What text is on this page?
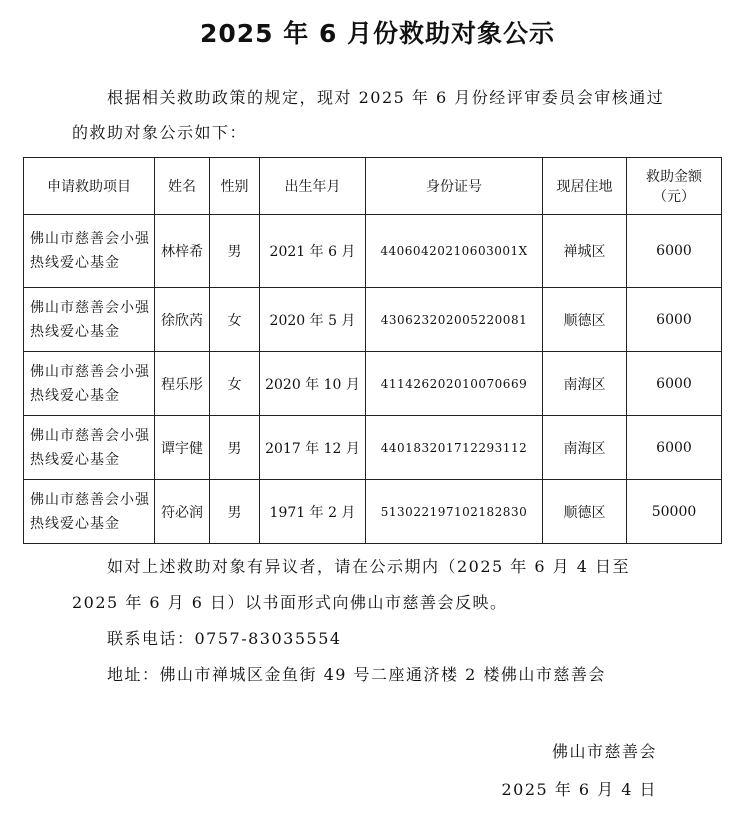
2025 年 6 月份救助对象公示
根据相关救助政策的规定，现对 2025 年 6 月份经评审委员会审核通过的救助对象公示如下：
申请救助项目	姓名	性别	出生年月	身份证号	现居住地	救助金额（元）
佛山市慈善会小强热线爱心基金	林梓希	男	2021 年 6 月	44060420210603001X	禅城区	6000
佛山市慈善会小强热线爱心基金	徐欣芮	女	2020 年 5 月	430623202005220081	顺德区	6000
佛山市慈善会小强热线爱心基金	程乐彤	女	2020 年 10 月	411426202010070669	南海区	6000
佛山市慈善会小强热线爱心基金	谭宇健	男	2017 年 12 月	440183201712293112	南海区	6000
佛山市慈善会小强热线爱心基金	符必润	男	1971 年 2 月	513022197102182830	顺德区	50000

如对上述救助对象有异议者，请在公示期内（2025 年 6 月 4 日至 2025 年 6 月 6 日）以书面形式向佛山市慈善会反映。

联系电话：0757-83035554

地址：佛山市禅城区金鱼街 49 号二座通济楼 2 楼佛山市慈善会

佛山市慈善会
2025 年 6 月 4 日
